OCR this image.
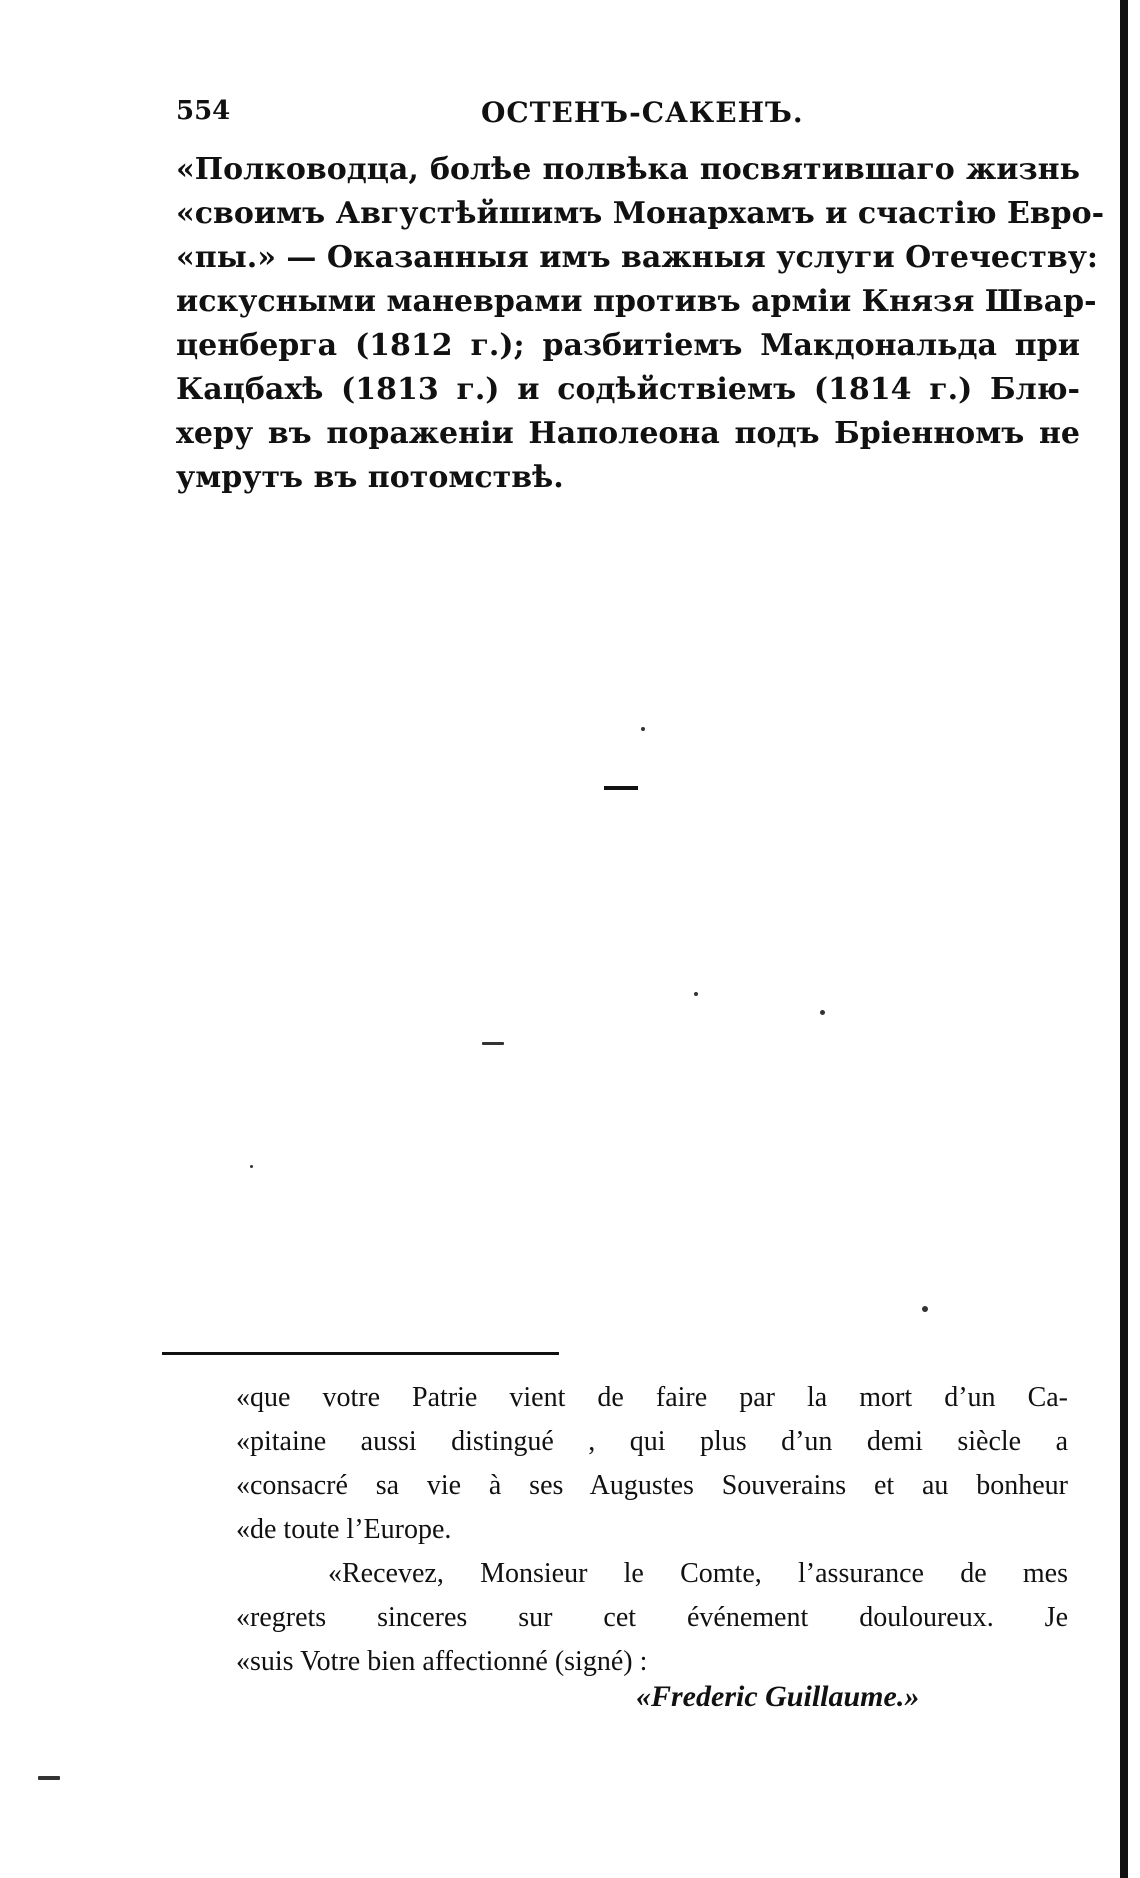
554	ОСТЕНЪ-САКЕНЪ.
«Полководца, болѣе полвѣка посвятившаго жизнь
«своимъ Августѣйшимъ Монархамъ и счастію Евро-
«пы.» — Оказанныя имъ важныя услуги Отечеству:
искусными маневрами противъ арміи Князя Швар-
ценберга (1812 г.); разбитіемъ Макдональда при
Кацбахѣ (1813 г.) и содѣйствіемъ (1814 г.) Блю-
херу въ пораженіи Наполеона подъ Бріенномъ не
умрутъ въ потомствѣ.
«que votre Patrie vient de faire par la mort d’un Ca-
«pitaine aussi distingué , qui plus d’un demi siècle a
«consacré sa vie à ses Augustes Souverains et au bonheur
«de toute l’Europe.
«Recevez, Monsieur le Comte, l’assurance de mes
«regrets sinceres sur cet événement douloureux. Je
«suis Votre bien affectionné (signé) :
«Frederic Guillaume.»
